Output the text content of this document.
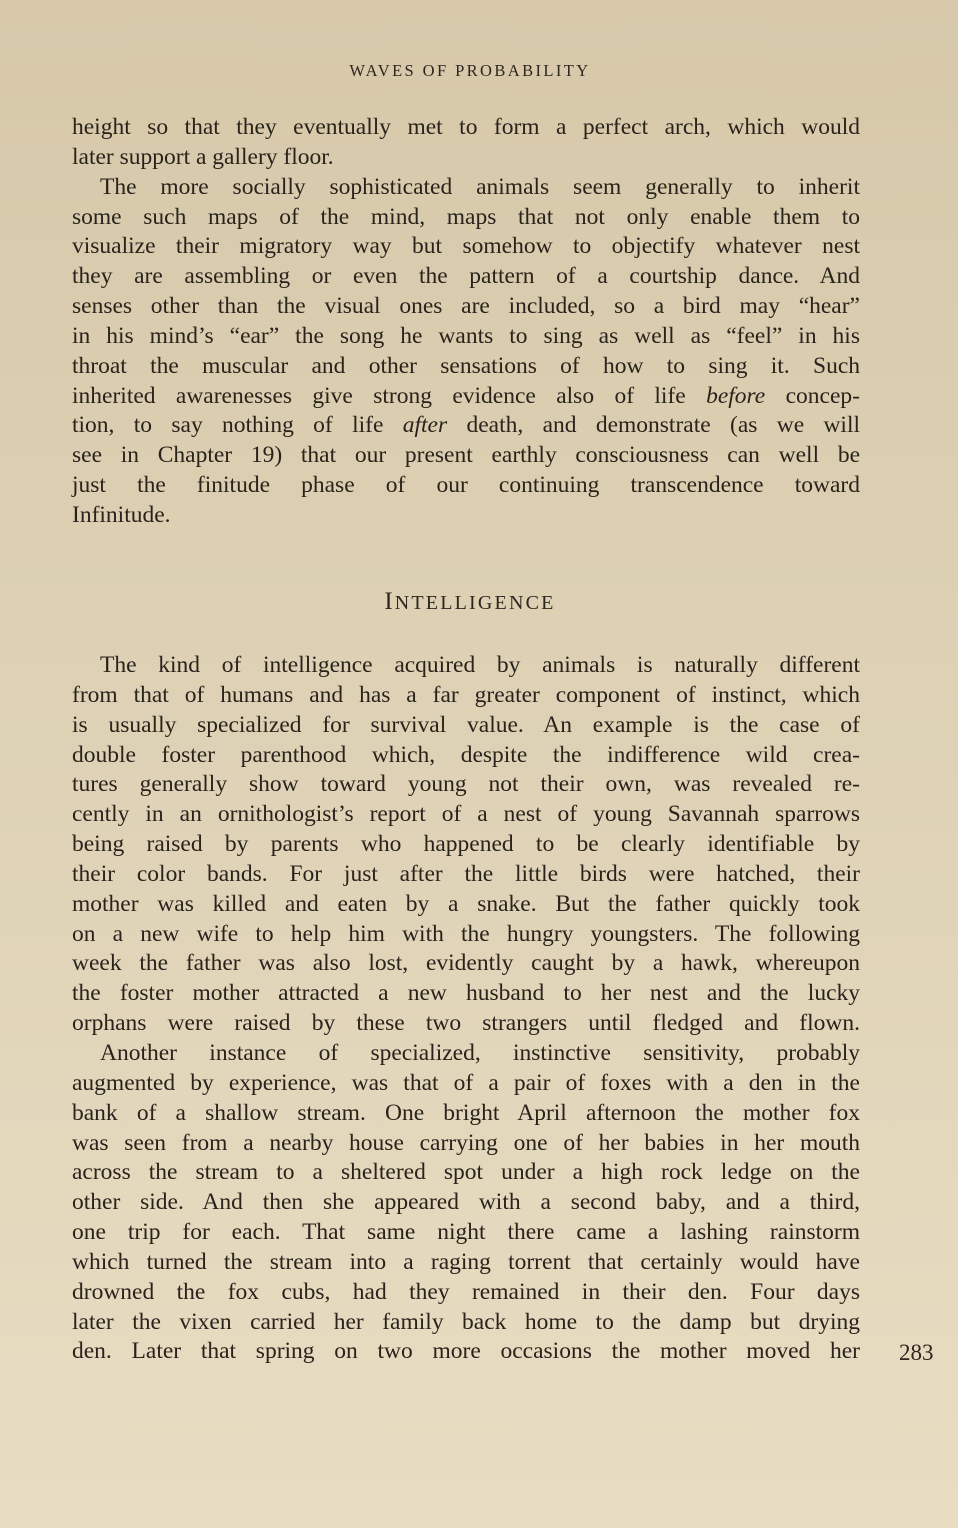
WAVES OF PROBABILITY
height so that they eventually met to form a perfect arch, which would
later support a gallery floor.
The more socially sophisticated animals seem generally to inherit
some such maps of the mind, maps that not only enable them to
visualize their migratory way but somehow to objectify whatever nest
they are assembling or even the pattern of a courtship dance. And
senses other than the visual ones are included, so a bird may “hear”
in his mind’s “ear” the song he wants to sing as well as “feel” in his
throat the muscular and other sensations of how to sing it. Such
inherited awarenesses give strong evidence also of life before concep-
tion, to say nothing of life after death, and demonstrate (as we will
see in Chapter 19) that our present earthly consciousness can well be
just the finitude phase of our continuing transcendence toward
Infinitude.
INTELLIGENCE
The kind of intelligence acquired by animals is naturally different
from that of humans and has a far greater component of instinct, which
is usually specialized for survival value. An example is the case of
double foster parenthood which, despite the indifference wild crea-
tures generally show toward young not their own, was revealed re-
cently in an ornithologist’s report of a nest of young Savannah sparrows
being raised by parents who happened to be clearly identifiable by
their color bands. For just after the little birds were hatched, their
mother was killed and eaten by a snake. But the father quickly took
on a new wife to help him with the hungry youngsters. The following
week the father was also lost, evidently caught by a hawk, whereupon
the foster mother attracted a new husband to her nest and the lucky
orphans were raised by these two strangers until fledged and flown.
Another instance of specialized, instinctive sensitivity, probably
augmented by experience, was that of a pair of foxes with a den in the
bank of a shallow stream. One bright April afternoon the mother fox
was seen from a nearby house carrying one of her babies in her mouth
across the stream to a sheltered spot under a high rock ledge on the
other side. And then she appeared with a second baby, and a third,
one trip for each. That same night there came a lashing rainstorm
which turned the stream into a raging torrent that certainly would have
drowned the fox cubs, had they remained in their den. Four days
later the vixen carried her family back home to the damp but drying
den. Later that spring on two more occasions the mother moved her 283
